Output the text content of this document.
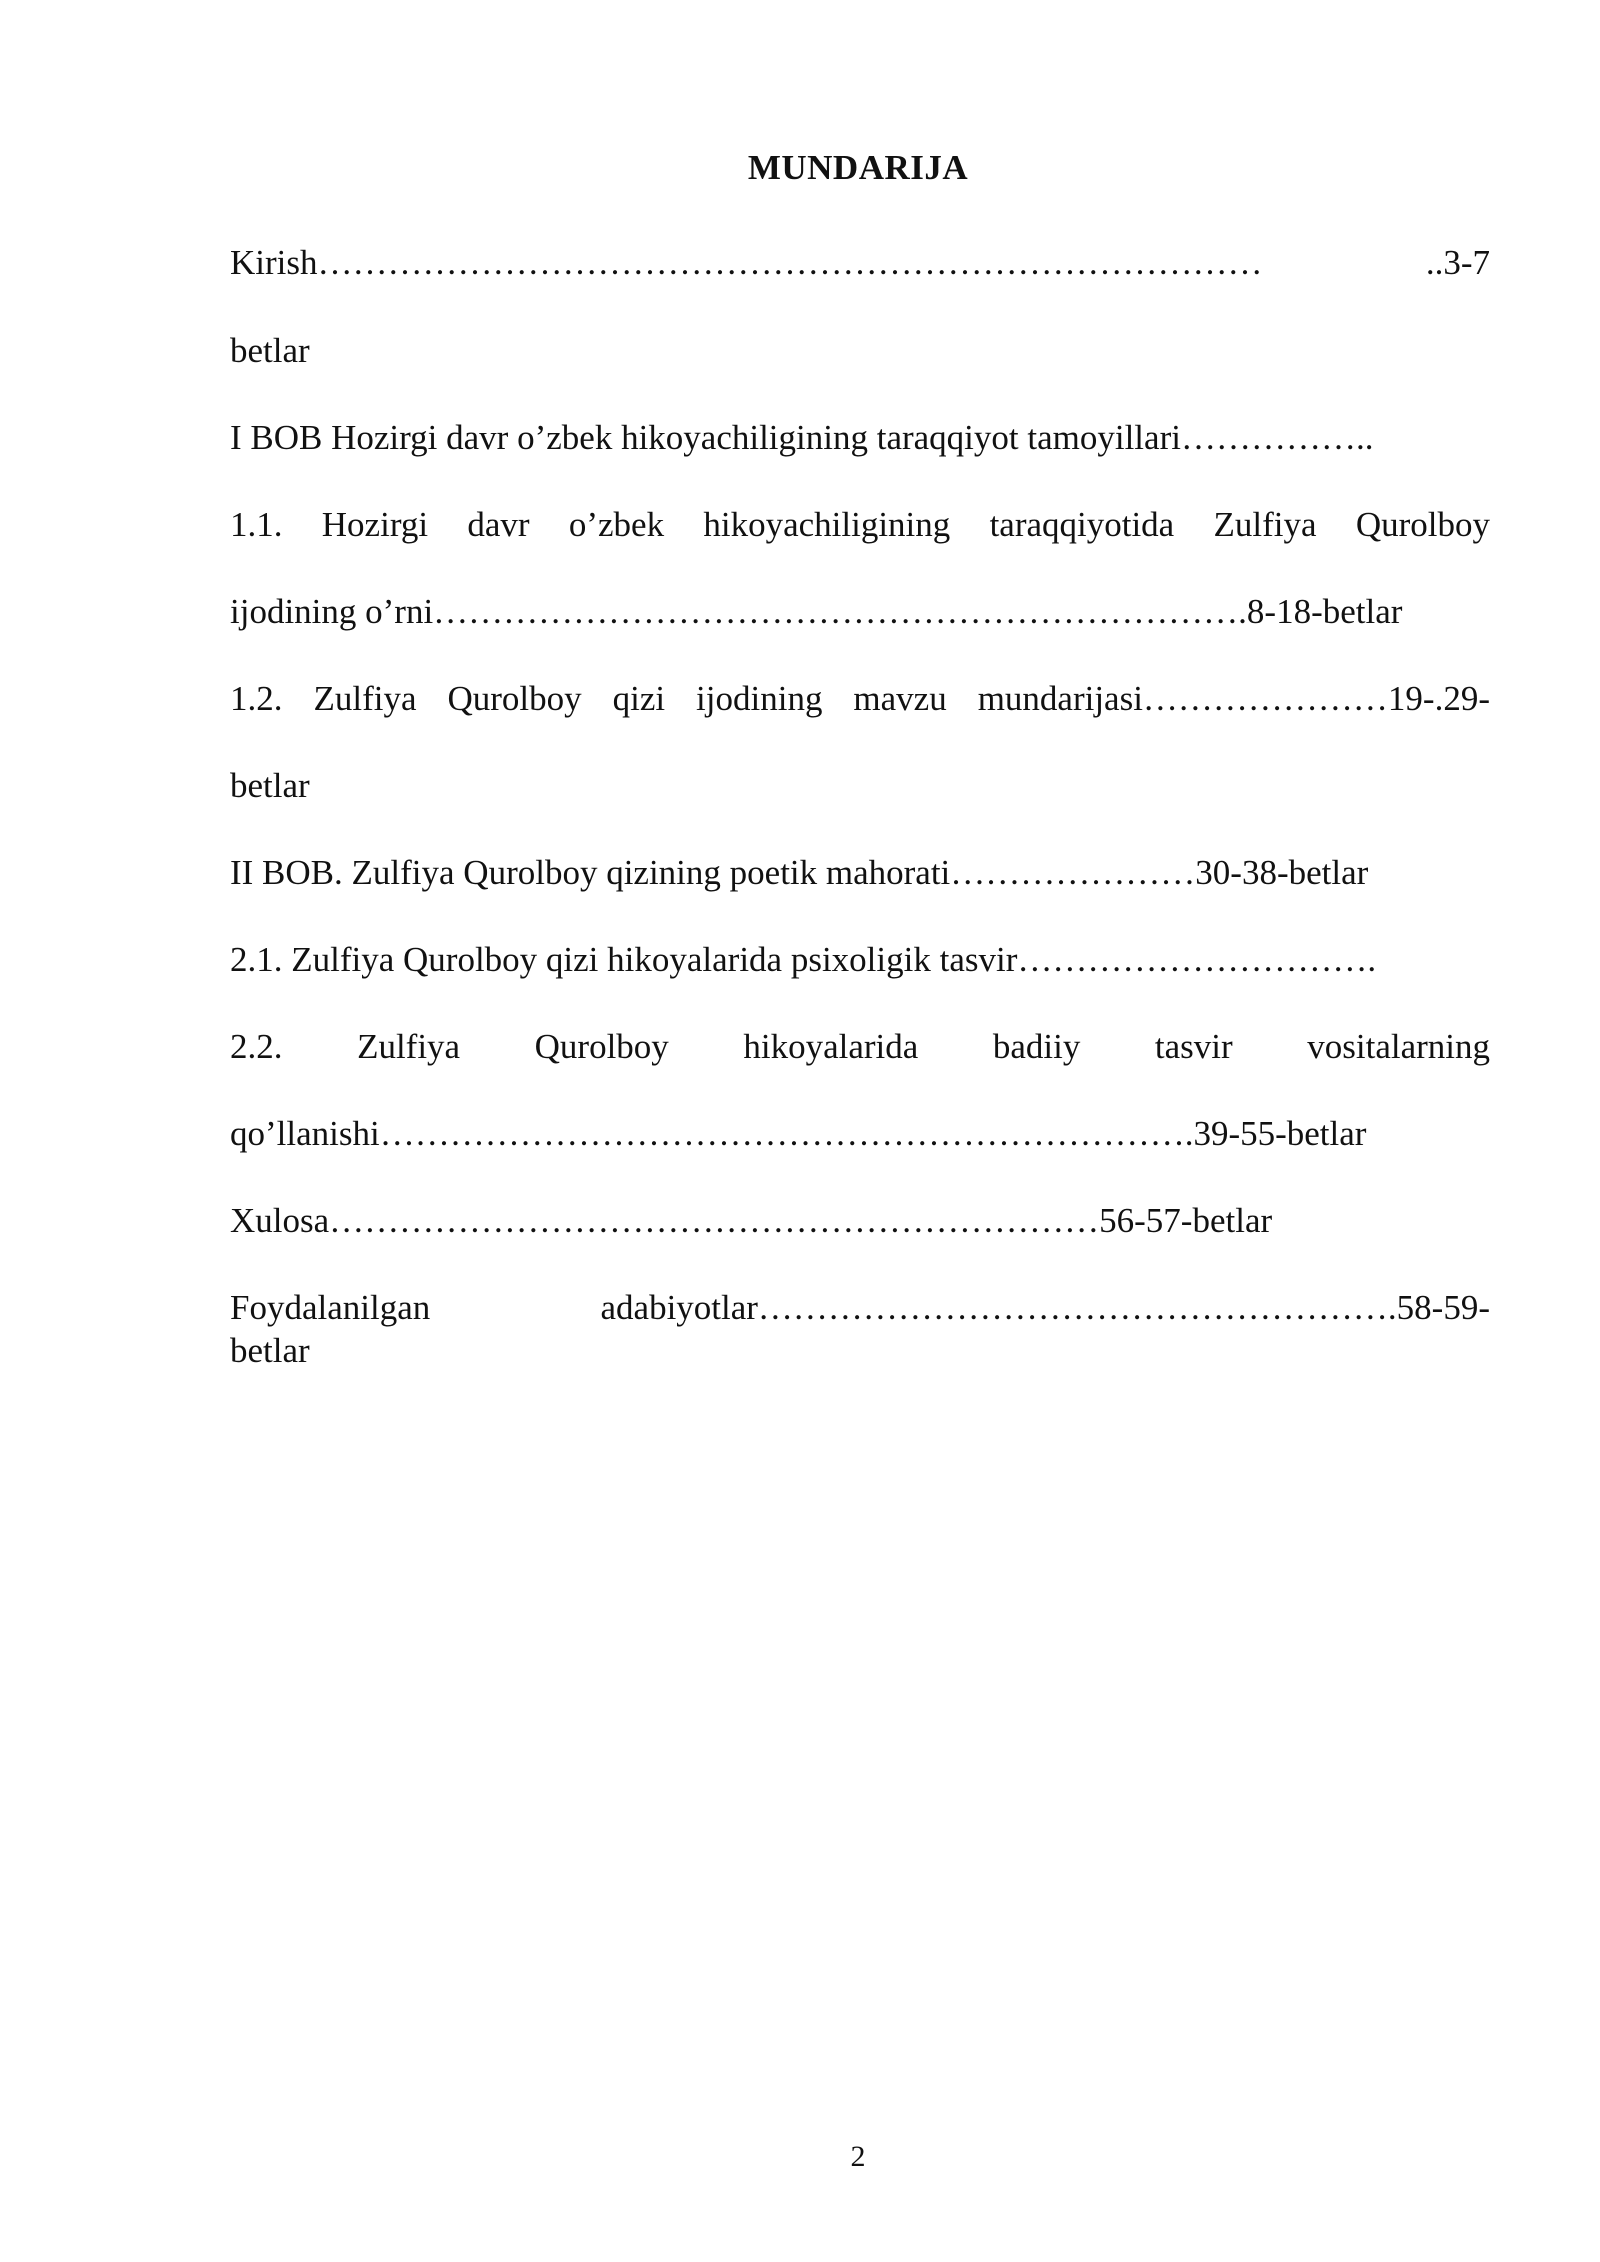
MUNDARIJA
Kirish………………………………………………………………………	..3-7
betlar
I BOB Hozirgi davr o’zbek hikoyachiligining taraqqiyot tamoyillari……………..
1.1. Hozirgi davr o’zbek hikoyachiligining taraqqiyotida Zulfiya Qurolboy
ijodining o’rni…………………………………………………………….8-18-betlar
1.2. Zulfiya Qurolboy qizi ijodining mavzu mundarijasi…………………19-.29-
betlar
II BOB. Zulfiya Qurolboy qizining poetik mahorati…………………30-38-betlar
2.1. Zulfiya Qurolboy qizi hikoyalarida psixoligik tasvir………………………….
2.2. Zulfiya Qurolboy hikoyalarida badiiy tasvir vositalarning
qo’llanishi…………………………………………………………….39-55-betlar
Xulosa…………………………………………………………56-57-betlar
Foydalanilgan	adabiyotlar……………………………………………….58-59-
betlar
2
